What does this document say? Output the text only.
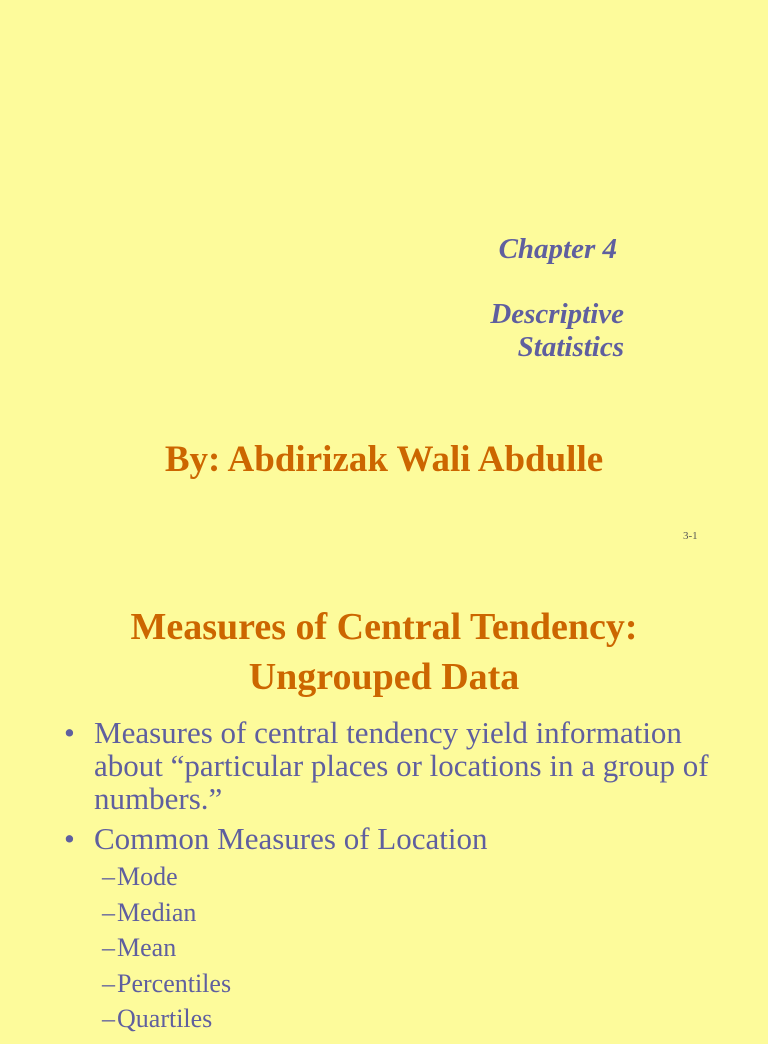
Chapter 4
Descriptive
Statistics
By: Abdirizak Wali Abdulle
3-1
Measures of Central Tendency:
Ungrouped Data
• Measures of central tendency yield information about “particular places or locations in a group of numbers.”
• Common Measures of Location
–Mode
–Median
–Mean
–Percentiles
–Quartiles
